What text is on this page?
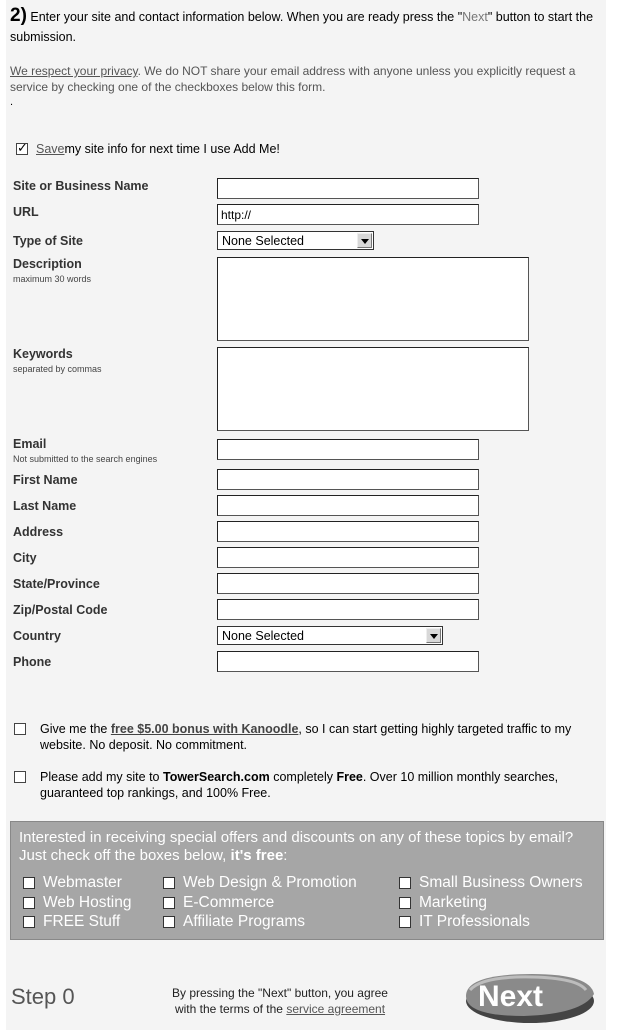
2) Enter your site and contact information below. When you are ready press the "Next" button to start the submission.
We respect your privacy. We do NOT share your email address with anyone unless you explicitly request a service by checking one of the checkboxes below this form.
.
✓
Save my site info for next time I use Add Me!
Site or Business Name
URL
http://
Type of Site	None Selected
Description
maximum 30 words
Keywords
separated by commas
Email
Not submitted to the search engines
First Name
Last Name
Address
City
State/Province
Zip/Postal Code
Country	None Selected
Phone
Give me the free $5.00 bonus with Kanoodle, so I can start getting highly targeted traffic to my website. No deposit. No commitment.
Please add my site to TowerSearch.com completely Free. Over 10 million monthly searches, guaranteed top rankings, and 100% Free.
Interested in receiving special offers and discounts on any of these topics by email?
Just check off the boxes below, it's free:
Webmaster	Web Design & Promotion	Small Business Owners
Web Hosting	E-Commerce	Marketing
FREE Stuff	Affiliate Programs	IT Professionals
Step 0	By pressing the "Next" button, you agree
with the terms of the service agreement	Next
